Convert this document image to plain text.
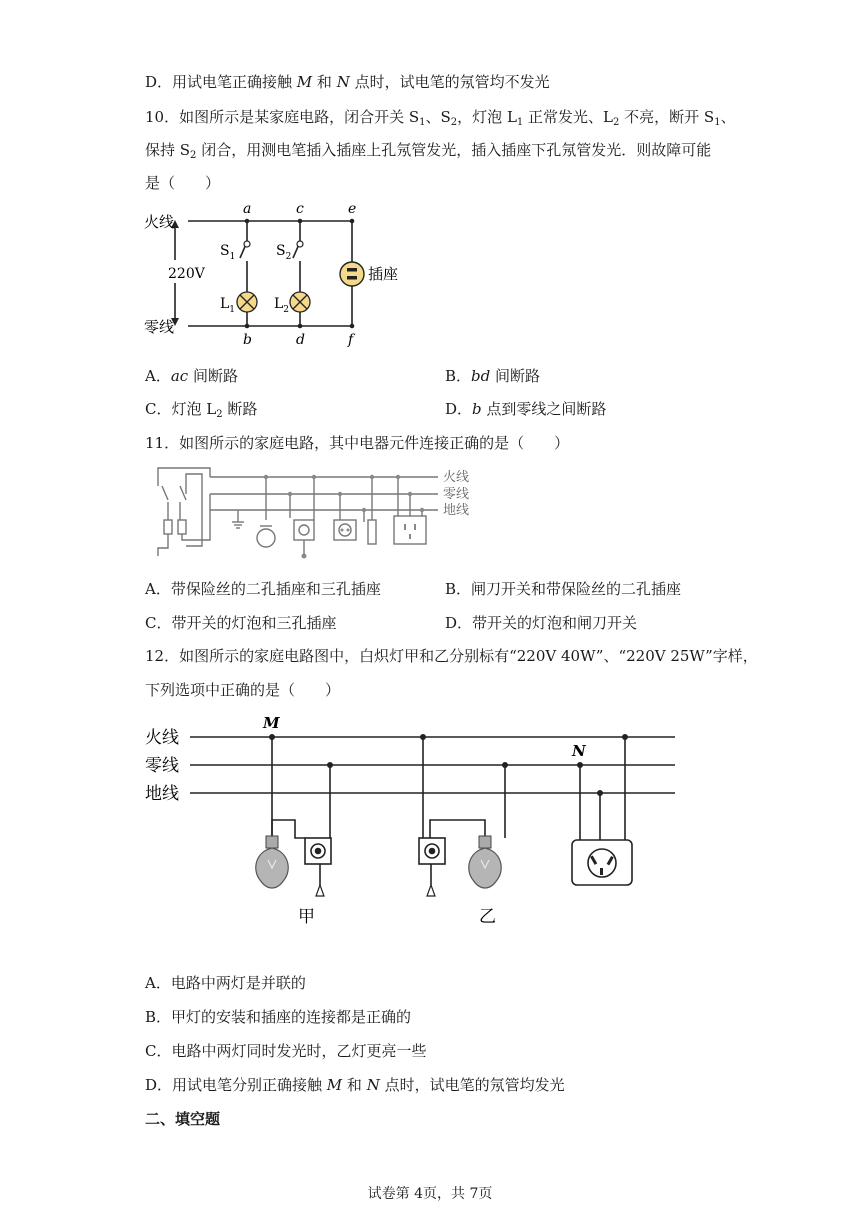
D．用试电笔正确接触 M 和 N 点时，试电笔的氖管均不发光
10．如图所示是某家庭电路，闭合开关 $S_1$、$S_2$，灯泡 $L_1$ 正常发光、$L_2$ 不亮，断开 $S_1$、
保持 $S_2$ 闭合，用测电笔插入插座上孔氖管发光，插入插座下孔氖管发光．则故障可能
是（　　）
火线
零线
220V	插座
a	c	e
b	d	f
$S_1$	$S_2$
$L_1$	$L_2$
A．ac 间断路	B．bd 间断路
C．灯泡 $L_2$ 断路	D．b 点到零线之间断路
11．如图所示的家庭电路，其中电器元件连接正确的是（　　）
火线
零线
地线
A．带保险丝的二孔插座和三孔插座	B．闸刀开关和带保险丝的二孔插座
C．带开关的灯泡和三孔插座	D．带开关的灯泡和闸刀开关
12．如图所示的家庭电路图中，白炽灯甲和乙分别标有“220V 40W”、“220V 25W”字样，
下列选项中正确的是（　　）
火线
零线
地线
M
N
甲	乙
A．电路中两灯是并联的
B．甲灯的安装和插座的连接都是正确的
C．电路中两灯同时发光时，乙灯更亮一些
D．用试电笔分别正确接触 M 和 N 点时，试电笔的氖管均发光
二、填空题
试卷第 4页，共 7页
